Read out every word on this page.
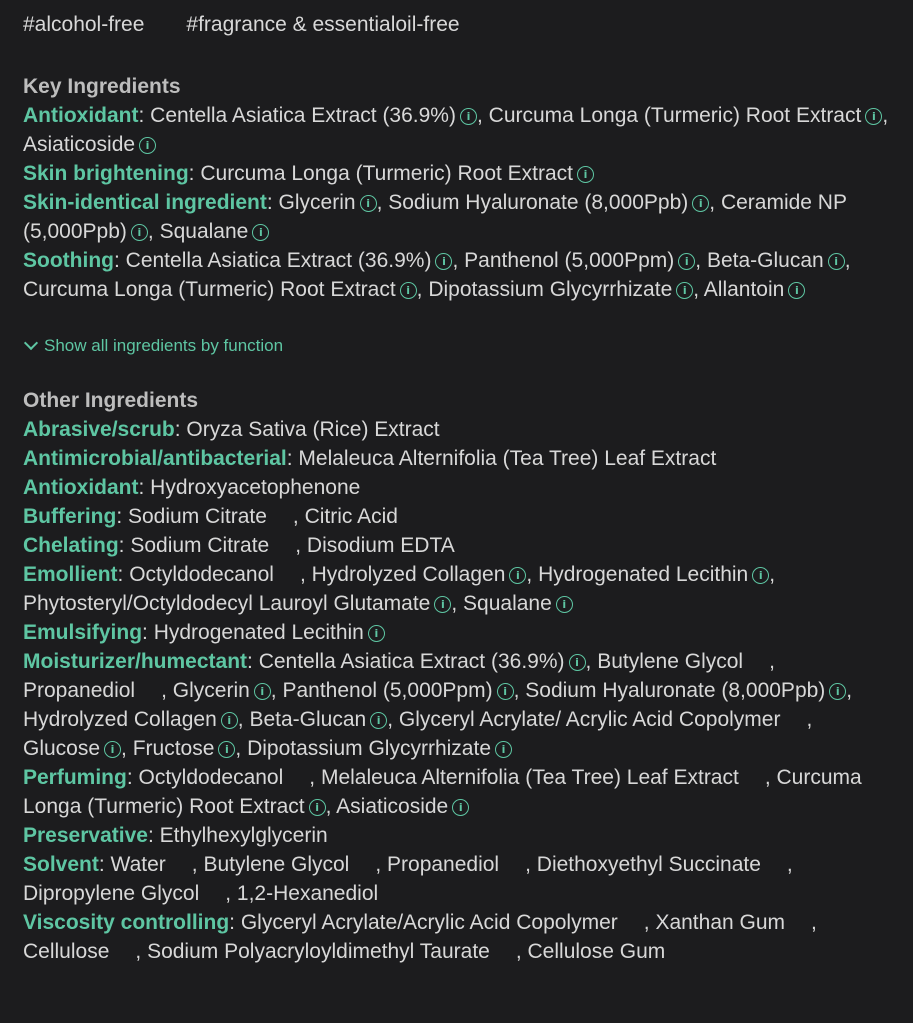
#alcohol-free #fragrance & essentialoil-free
Key Ingredients
Antioxidant: Centella Asiatica Extract (36.9%) i , Curcuma Longa (Turmeric) Root Extract i , Asiaticoside i
Skin brightening: Curcuma Longa (Turmeric) Root Extract i
Skin-identical ingredient: Glycerin i , Sodium Hyaluronate (8,000Ppb) i , Ceramide NP (5,000Ppb) i , Squalane i
Soothing: Centella Asiatica Extract (36.9%) i , Panthenol (5,000Ppm) i , Beta-Glucan i , Curcuma Longa (Turmeric) Root Extract i , Dipotassium Glycyrrhizate i , Allantoin i
Show all ingredients by function
Other Ingredients
Abrasive/scrub: Oryza Sativa (Rice) Extract
Antimicrobial/antibacterial: Melaleuca Alternifolia (Tea Tree) Leaf Extract
Antioxidant: Hydroxyacetophenone
Buffering: Sodium Citrate , Citric Acid
Chelating: Sodium Citrate , Disodium EDTA
Emollient: Octyldodecanol , Hydrolyzed Collagen i , Hydrogenated Lecithin i , Phytosteryl/Octyldodecyl Lauroyl Glutamate i , Squalane i
Emulsifying: Hydrogenated Lecithin i
Moisturizer/humectant: Centella Asiatica Extract (36.9%) i , Butylene Glycol , Propanediol , Glycerin i , Panthenol (5,000Ppm) i , Sodium Hyaluronate (8,000Ppb) i , Hydrolyzed Collagen i , Beta-Glucan i , Glyceryl Acrylate/ Acrylic Acid Copolymer , Glucose i , Fructose i , Dipotassium Glycyrrhizate i
Perfuming: Octyldodecanol , Melaleuca Alternifolia (Tea Tree) Leaf Extract , Curcuma Longa (Turmeric) Root Extract i , Asiaticoside i
Preservative: Ethylhexylglycerin
Solvent: Water , Butylene Glycol , Propanediol , Diethoxyethyl Succinate , Dipropylene Glycol , 1,2-Hexanediol
Viscosity controlling: Glyceryl Acrylate/Acrylic Acid Copolymer , Xanthan Gum , Cellulose , Sodium Polyacryloyldimethyl Taurate , Cellulose Gum
